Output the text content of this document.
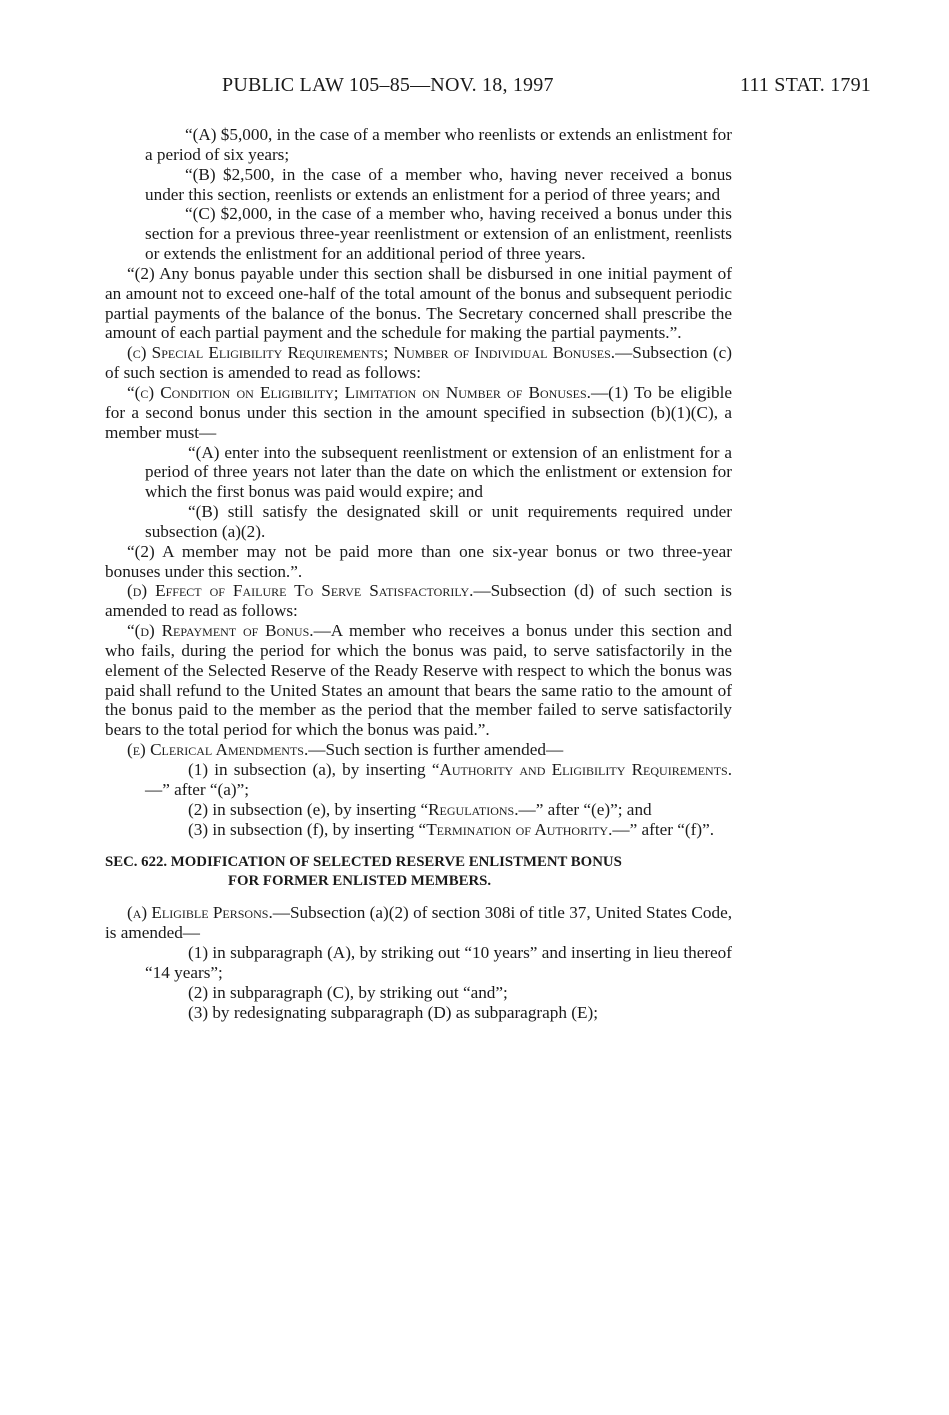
PUBLIC LAW 105–85—NOV. 18, 1997	111 STAT. 1791

“(A) $5,000, in the case of a member who reenlists or extends an enlistment for a period of six years;

“(B) $2,500, in the case of a member who, having never received a bonus under this section, reenlists or extends an enlistment for a period of three years; and

“(C) $2,000, in the case of a member who, having received a bonus under this section for a previous three-year reenlistment or extension of an enlistment, reenlists or extends the enlistment for an additional period of three years.

“(2) Any bonus payable under this section shall be disbursed in one initial payment of an amount not to exceed one-half of the total amount of the bonus and subsequent periodic partial payments of the balance of the bonus. The Secretary concerned shall prescribe the amount of each partial payment and the schedule for making the partial payments.”.

(c) Special Eligibility Requirements; Number of Individual Bonuses.—Subsection (c) of such section is amended to read as follows:

“(c) Condition on Eligibility; Limitation on Number of Bonuses.—(1) To be eligible for a second bonus under this section in the amount specified in subsection (b)(1)(C), a member must—

“(A) enter into the subsequent reenlistment or extension of an enlistment for a period of three years not later than the date on which the enlistment or extension for which the first bonus was paid would expire; and

“(B) still satisfy the designated skill or unit requirements required under subsection (a)(2).

“(2) A member may not be paid more than one six-year bonus or two three-year bonuses under this section.”.

(d) Effect of Failure To Serve Satisfactorily.—Subsection (d) of such section is amended to read as follows:

“(d) Repayment of Bonus.—A member who receives a bonus under this section and who fails, during the period for which the bonus was paid, to serve satisfactorily in the element of the Selected Reserve of the Ready Reserve with respect to which the bonus was paid shall refund to the United States an amount that bears the same ratio to the amount of the bonus paid to the member as the period that the member failed to serve satisfactorily bears to the total period for which the bonus was paid.”.

(e) Clerical Amendments.—Such section is further amended—

(1) in subsection (a), by inserting “Authority and Eligibility Requirements.—” after “(a)”;

(2) in subsection (e), by inserting “Regulations.—” after “(e)”; and

(3) in subsection (f), by inserting “Termination of Authority.—” after “(f)”.

SEC. 622. MODIFICATION OF SELECTED RESERVE ENLISTMENT BONUS
FOR FORMER ENLISTED MEMBERS.

(a) Eligible Persons.—Subsection (a)(2) of section 308i of title 37, United States Code, is amended—

(1) in subparagraph (A), by striking out “10 years” and inserting in lieu thereof “14 years”;

(2) in subparagraph (C), by striking out “and”;

(3) by redesignating subparagraph (D) as subparagraph (E);
